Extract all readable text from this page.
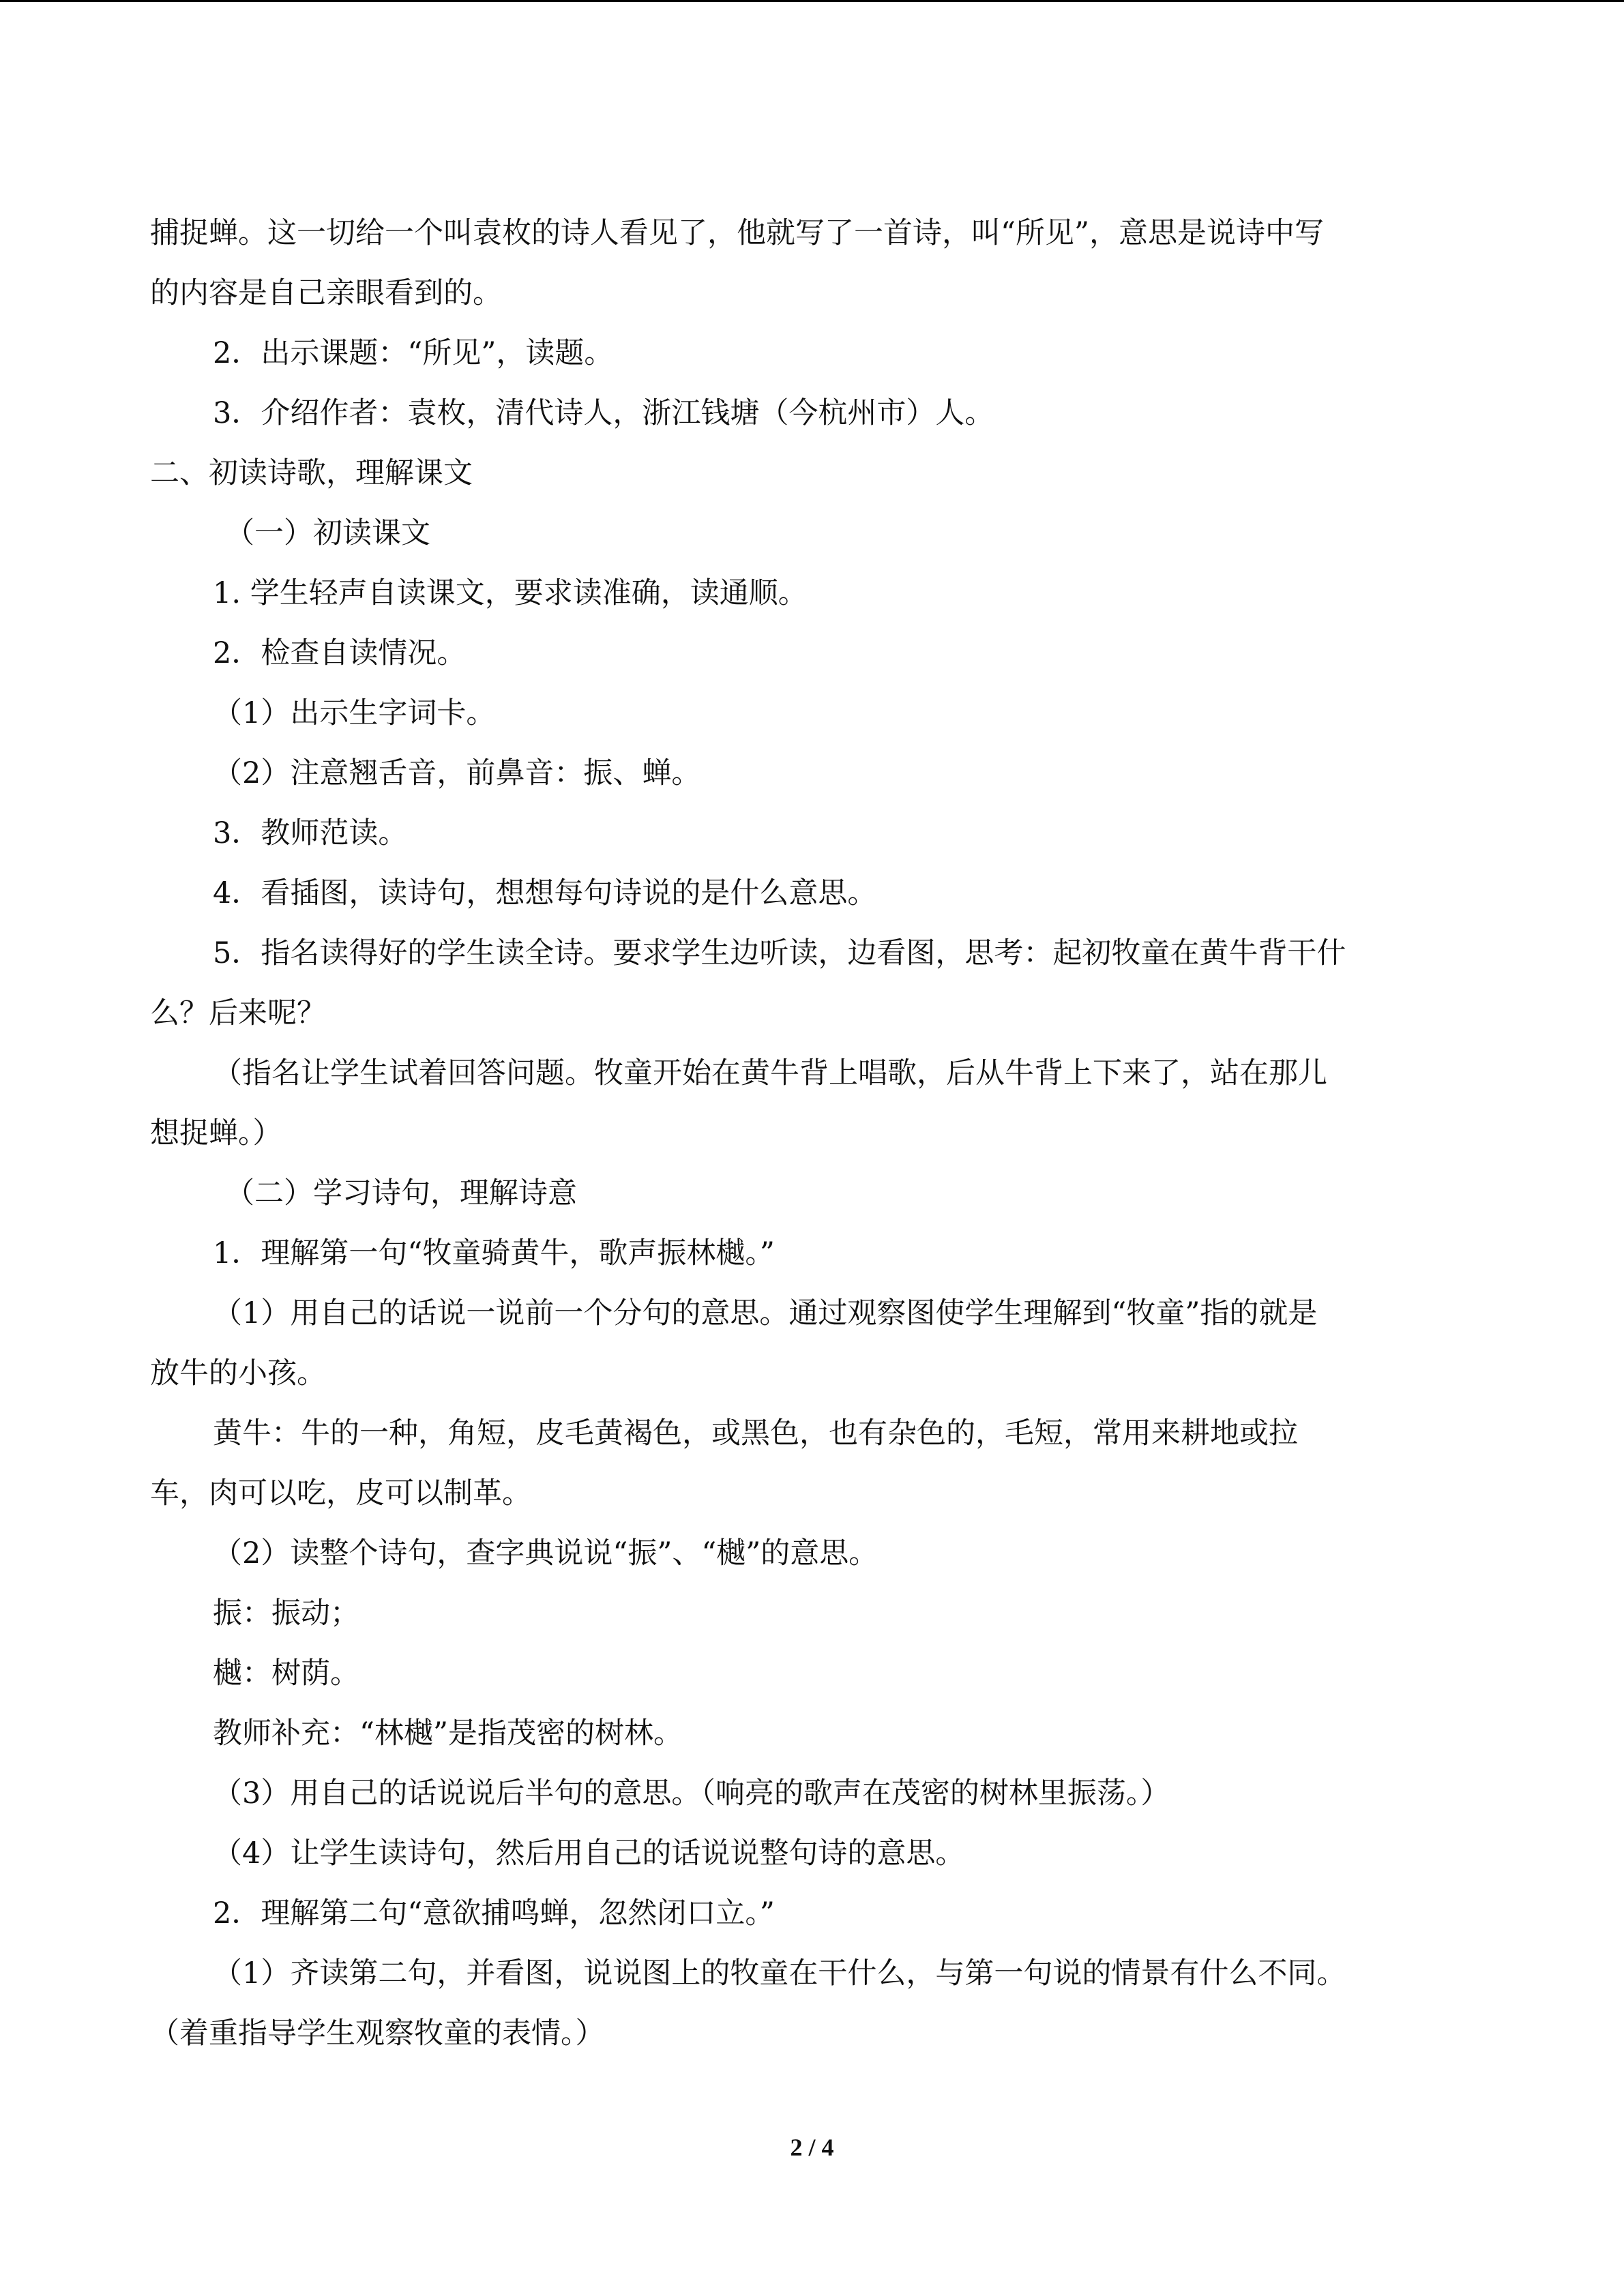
捕捉蝉。这一切给一个叫袁枚的诗人看见了，他就写了一首诗，叫“所见”，意思是说诗中写
的内容是自己亲眼看到的。
2．出示课题：“所见”，读题。
3．介绍作者：袁枚，清代诗人，浙江钱塘（今杭州市）人。
二、初读诗歌，理解课文
（一）初读课文
1. 学生轻声自读课文，要求读准确，读通顺。
2．检查自读情况。
（1）出示生字词卡。
（2）注意翘舌音，前鼻音：振、蝉。
3．教师范读。
4．看插图，读诗句，想想每句诗说的是什么意思。
5．指名读得好的学生读全诗。要求学生边听读，边看图，思考：起初牧童在黄牛背干什
么？后来呢？
（指名让学生试着回答问题。牧童开始在黄牛背上唱歌，后从牛背上下来了，站在那儿
想捉蝉。）
（二）学习诗句，理解诗意
1．理解第一句“牧童骑黄牛，歌声振林樾。”
（1）用自己的话说一说前一个分句的意思。通过观察图使学生理解到“牧童”指的就是
放牛的小孩。
黄牛：牛的一种，角短，皮毛黄褐色，或黑色，也有杂色的，毛短，常用来耕地或拉
车，肉可以吃，皮可以制革。
（2）读整个诗句，查字典说说“振”、“樾”的意思。
振：振动；
樾：树荫。
教师补充：“林樾”是指茂密的树林。
（3）用自己的话说说后半句的意思。（响亮的歌声在茂密的树林里振荡。）
（4）让学生读诗句，然后用自己的话说说整句诗的意思。
2．理解第二句“意欲捕鸣蝉，忽然闭口立。”
（1）齐读第二句，并看图，说说图上的牧童在干什么，与第一句说的情景有什么不同。
（着重指导学生观察牧童的表情。）
2 / 4
